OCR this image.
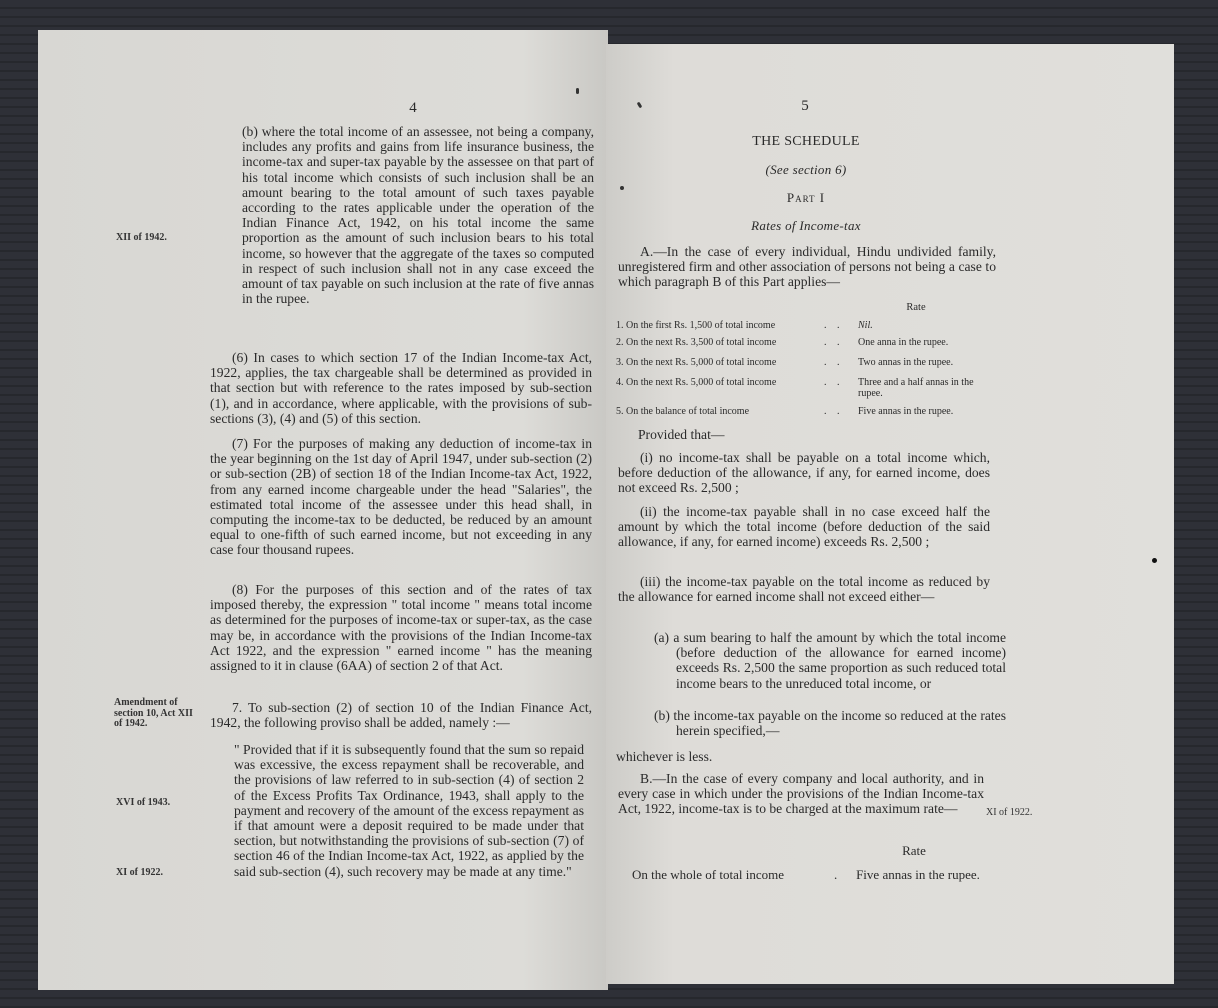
4

(b) where the total income of an assessee, not being a company, includes any profits and gains from life insurance business, the income-tax and super-tax payable by the assessee on that part of his total income which consists of such inclusion shall be an amount bearing to the total amount of such taxes payable according to the rates applicable under the operation of the Indian Finance Act, 1942, on his total income the same proportion as the amount of such inclusion bears to his total income, so however that the aggregate of the taxes so computed in respect of such inclusion shall not in any case exceed the amount of tax payable on such inclusion at the rate of five annas in the rupee.

XII of 1942.

(6) In cases to which section 17 of the Indian Income-tax Act, 1922, applies, the tax chargeable shall be determined as provided in that section but with reference to the rates imposed by sub-section (1), and in accordance, where applicable, with the provisions of sub-sections (3), (4) and (5) of this section.

(7) For the purposes of making any deduction of income-tax in the year beginning on the 1st day of April 1947, under sub-section (2) or sub-section (2B) of section 18 of the Indian Income-tax Act, 1922, from any earned income chargeable under the head "Salaries", the estimated total income of the assessee under this head shall, in computing the income-tax to be deducted, be reduced by an amount equal to one-fifth of such earned income, but not exceeding in any case four thousand rupees.

(8) For the purposes of this section and of the rates of tax imposed thereby, the expression " total income " means total income as determined for the purposes of income-tax or super-tax, as the case may be, in accordance with the provisions of the Indian Income-tax Act 1922, and the expression " earned income " has the meaning assigned to it in clause (6AA) of section 2 of that Act.

Amendment of section 10, Act XII of 1942.

7. To sub-section (2) of section 10 of the Indian Finance Act, 1942, the following proviso shall be added, namely :—

" Provided that if it is subsequently found that the sum so repaid was excessive, the excess repayment shall be recoverable, and the provisions of law referred to in sub-section (4) of section 2 of the Excess Profits Tax Ordinance, 1943, shall apply to the payment and recovery of the amount of the excess repayment as if that amount were a deposit required to be made under that section, but notwithstanding the provisions of sub-section (7) of section 46 of the Indian Income-tax Act, 1922, as applied by the said sub-section (4), such recovery may be made at any time."

XVI of 1943.
XI of 1922.
5
THE SCHEDULE
(See section 6)
Part I
Rates of Income-tax

A.—In the case of every individual, Hindu undivided family, unregistered firm and other association of persons not being a case to which paragraph B of this Part applies—

Rate
1. On the first Rs. 1,500 of total income	. . Nil.
2. On the next Rs. 3,500 of total income	. . One anna in the rupee.
3. On the next Rs. 5,000 of total income	. . Two annas in the rupee.
4. On the next Rs. 5,000 of total income	. . Three and a half annas in the rupee.
5. On the balance of total income	. . Five annas in the rupee.

Provided that—

(i) no income-tax shall be payable on a total income which, before deduction of the allowance, if any, for earned income, does not exceed Rs. 2,500 ;

(ii) the income-tax payable shall in no case exceed half the amount by which the total income (before deduction of the said allowance, if any, for earned income) exceeds Rs. 2,500 ;

(iii) the income-tax payable on the total income as reduced by the allowance for earned income shall not exceed either—

(a) a sum bearing to half the amount by which the total income (before deduction of the allowance for earned income) exceeds Rs. 2,500 the same proportion as such reduced total income bears to the unreduced total income, or

(b) the income-tax payable on the income so reduced at the rates herein specified,—

whichever is less.

B.—In the case of every company and local authority, and in every case in which under the provisions of the Indian Income-tax Act, 1922, income-tax is to be charged at the maximum rate—	XI of 1922.
Rate
On the whole of total income	.	Five annas in the rupee.
